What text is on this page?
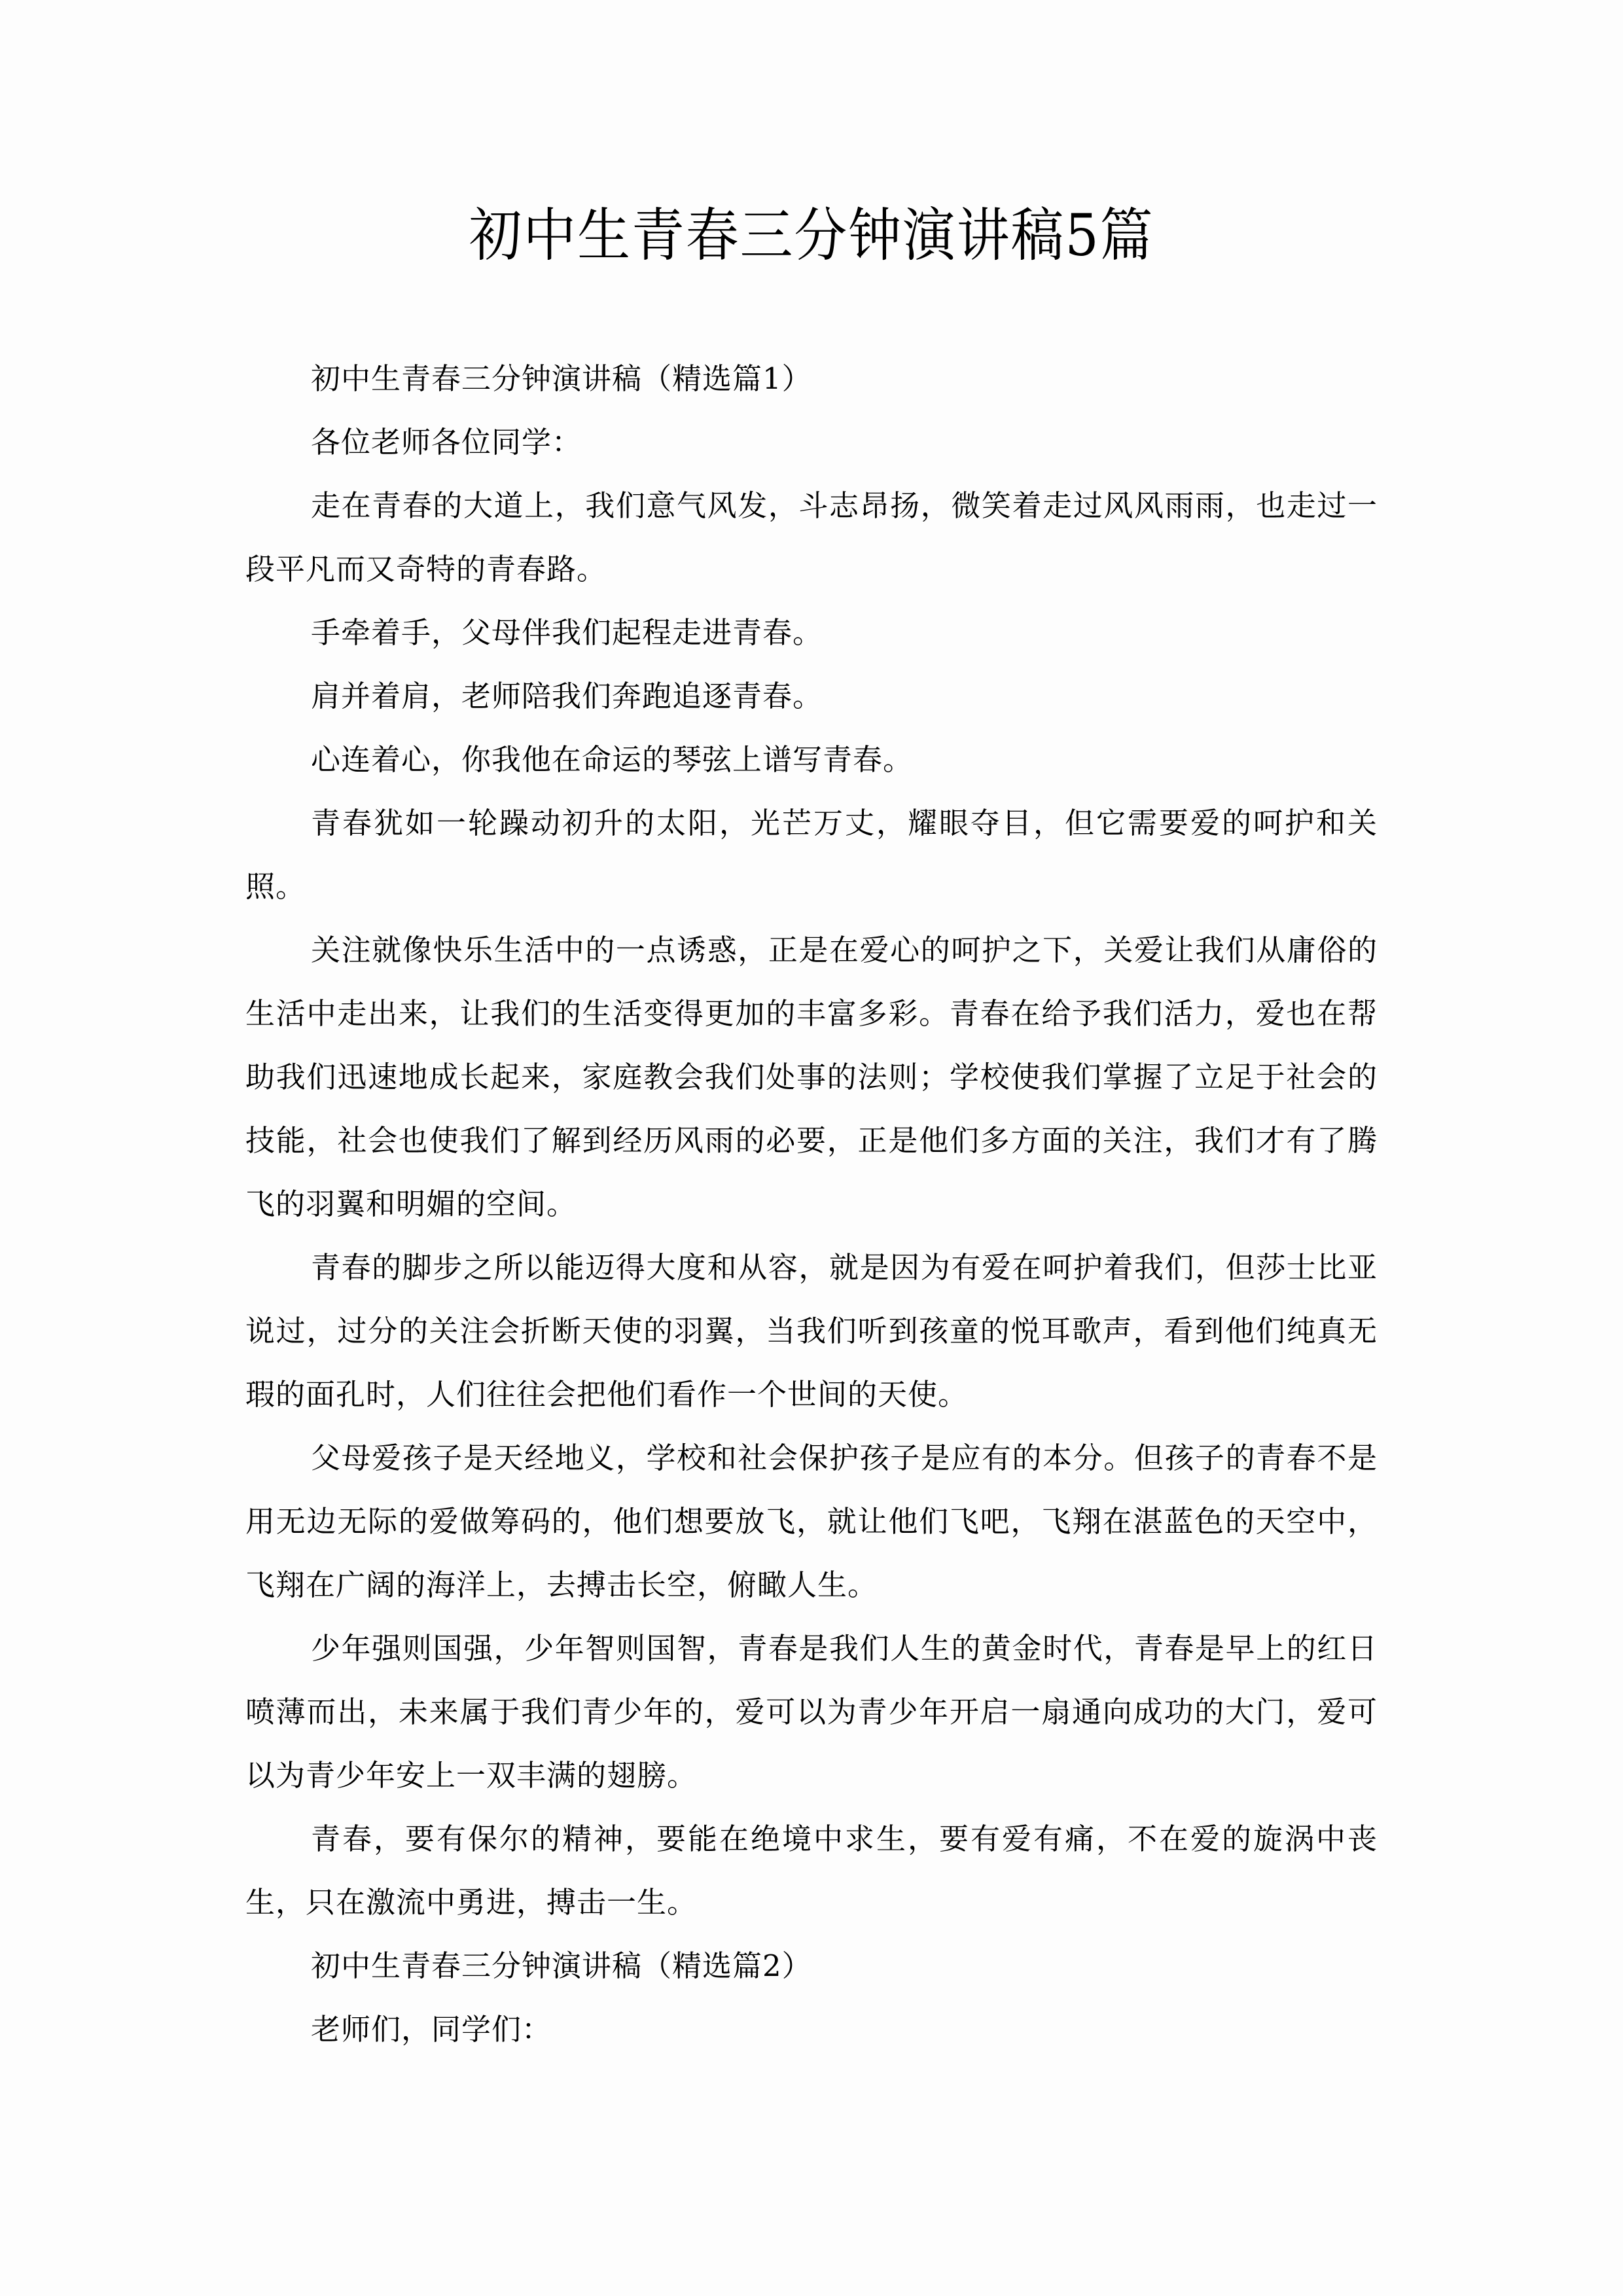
初中生青春三分钟演讲稿5篇

初中生青春三分钟演讲稿（精选篇1）

各位老师各位同学：

走在青春的大道上，我们意气风发，斗志昂扬，微笑着走过风风雨雨，也走过一段平凡而又奇特的青春路。

手牵着手，父母伴我们起程走进青春。

肩并着肩，老师陪我们奔跑追逐青春。

心连着心，你我他在命运的琴弦上谱写青春。

青春犹如一轮躁动初升的太阳，光芒万丈，耀眼夺目，但它需要爱的呵护和关照。

关注就像快乐生活中的一点诱惑，正是在爱心的呵护之下，关爱让我们从庸俗的生活中走出来，让我们的生活变得更加的丰富多彩。青春在给予我们活力，爱也在帮助我们迅速地成长起来，家庭教会我们处事的法则；学校使我们掌握了立足于社会的技能，社会也使我们了解到经历风雨的必要，正是他们多方面的关注，我们才有了腾飞的羽翼和明媚的空间。

青春的脚步之所以能迈得大度和从容，就是因为有爱在呵护着我们，但莎士比亚说过，过分的关注会折断天使的羽翼，当我们听到孩童的悦耳歌声，看到他们纯真无瑕的面孔时，人们往往会把他们看作一个世间的天使。

父母爱孩子是天经地义，学校和社会保护孩子是应有的本分。但孩子的青春不是用无边无际的爱做筹码的，他们想要放飞，就让他们飞吧，飞翔在湛蓝色的天空中，飞翔在广阔的海洋上，去搏击长空，俯瞰人生。

少年强则国强，少年智则国智，青春是我们人生的黄金时代，青春是早上的红日喷薄而出，未来属于我们青少年的，爱可以为青少年开启一扇通向成功的大门，爱可以为青少年安上一双丰满的翅膀。

青春，要有保尔的精神，要能在绝境中求生，要有爱有痛，不在爱的旋涡中丧生，只在激流中勇进，搏击一生。

初中生青春三分钟演讲稿（精选篇2）

老师们，同学们：
